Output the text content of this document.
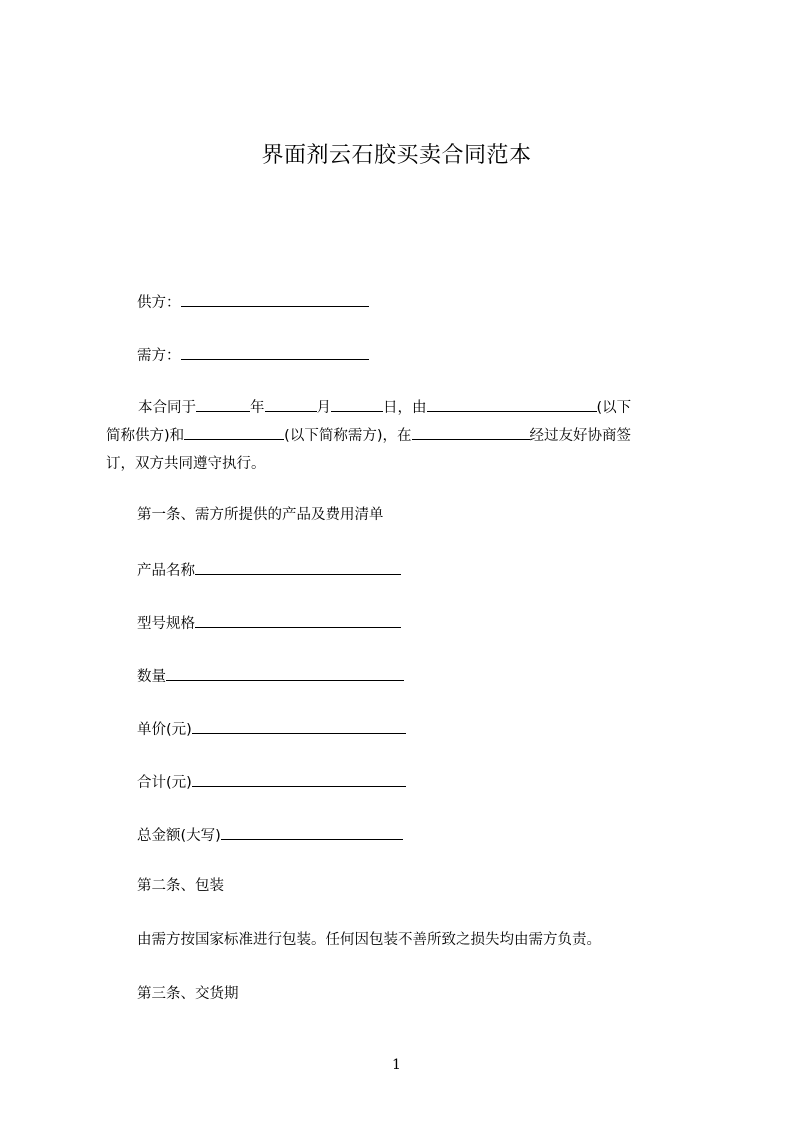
界面剂云石胶买卖合同范本
供方：
需方：
本合同于	年	月	日，由	(以下
简称供方)和	(以下简称需方)，在	经过友好协商签
订，双方共同遵守执行。
第一条、需方所提供的产品及费用清单
产品名称
型号规格
数量
单价(元)
合计(元)
总金额(大写)
第二条、包装
由需方按国家标准进行包装。任何因包装不善所致之损失均由需方负责。
第三条、交货期
1
